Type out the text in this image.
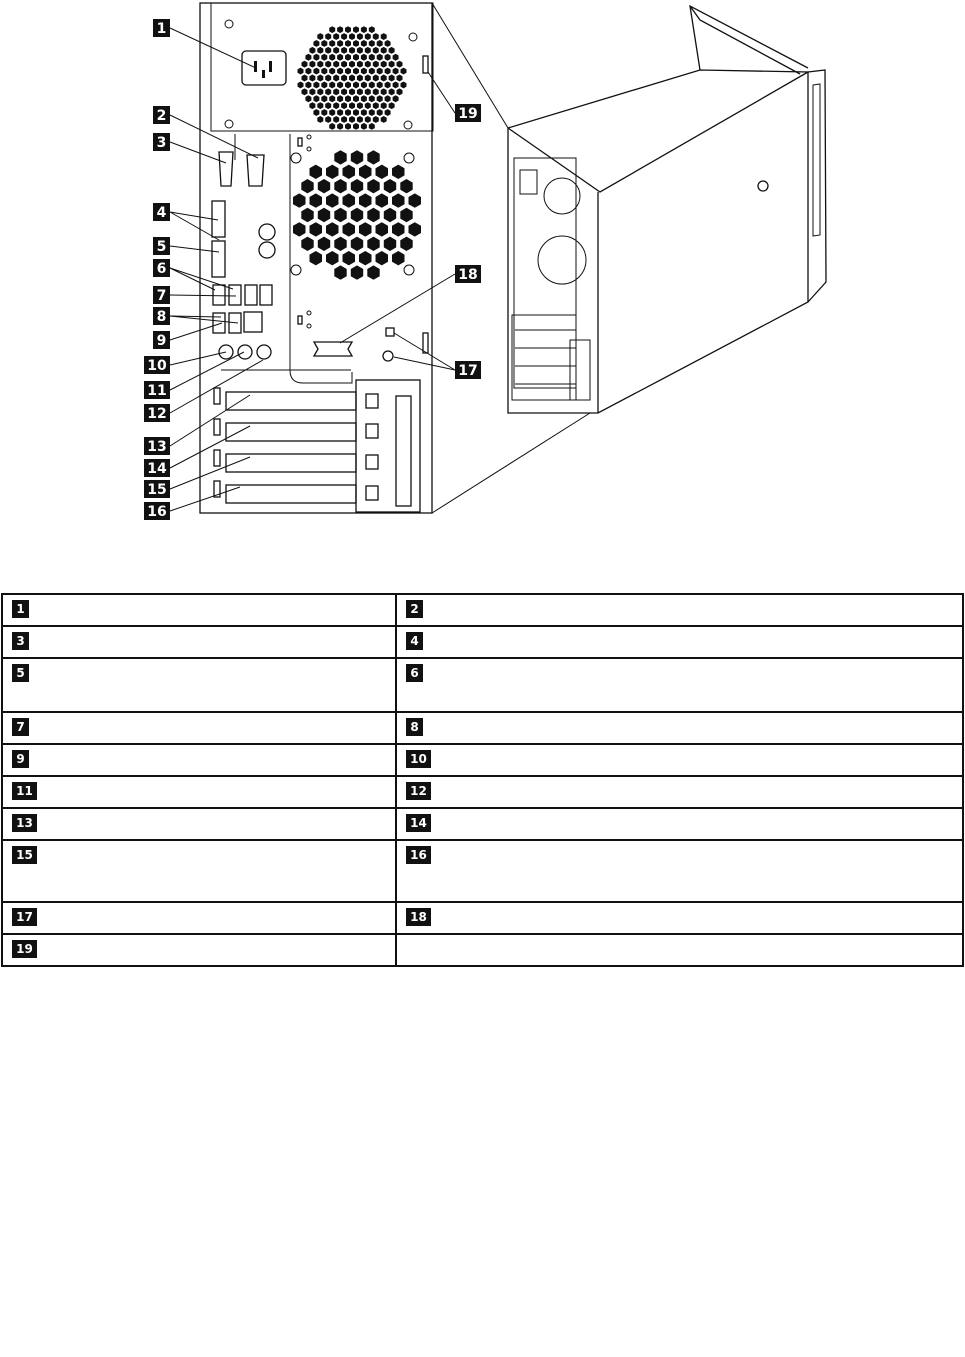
1
2
3
4
5
6
7
8
9
10
11
12
13
14
15
16
17
18
19
1	2
3	4
5	6
7	8
9	10
11	12
13	14
15	16
17	18
19	
